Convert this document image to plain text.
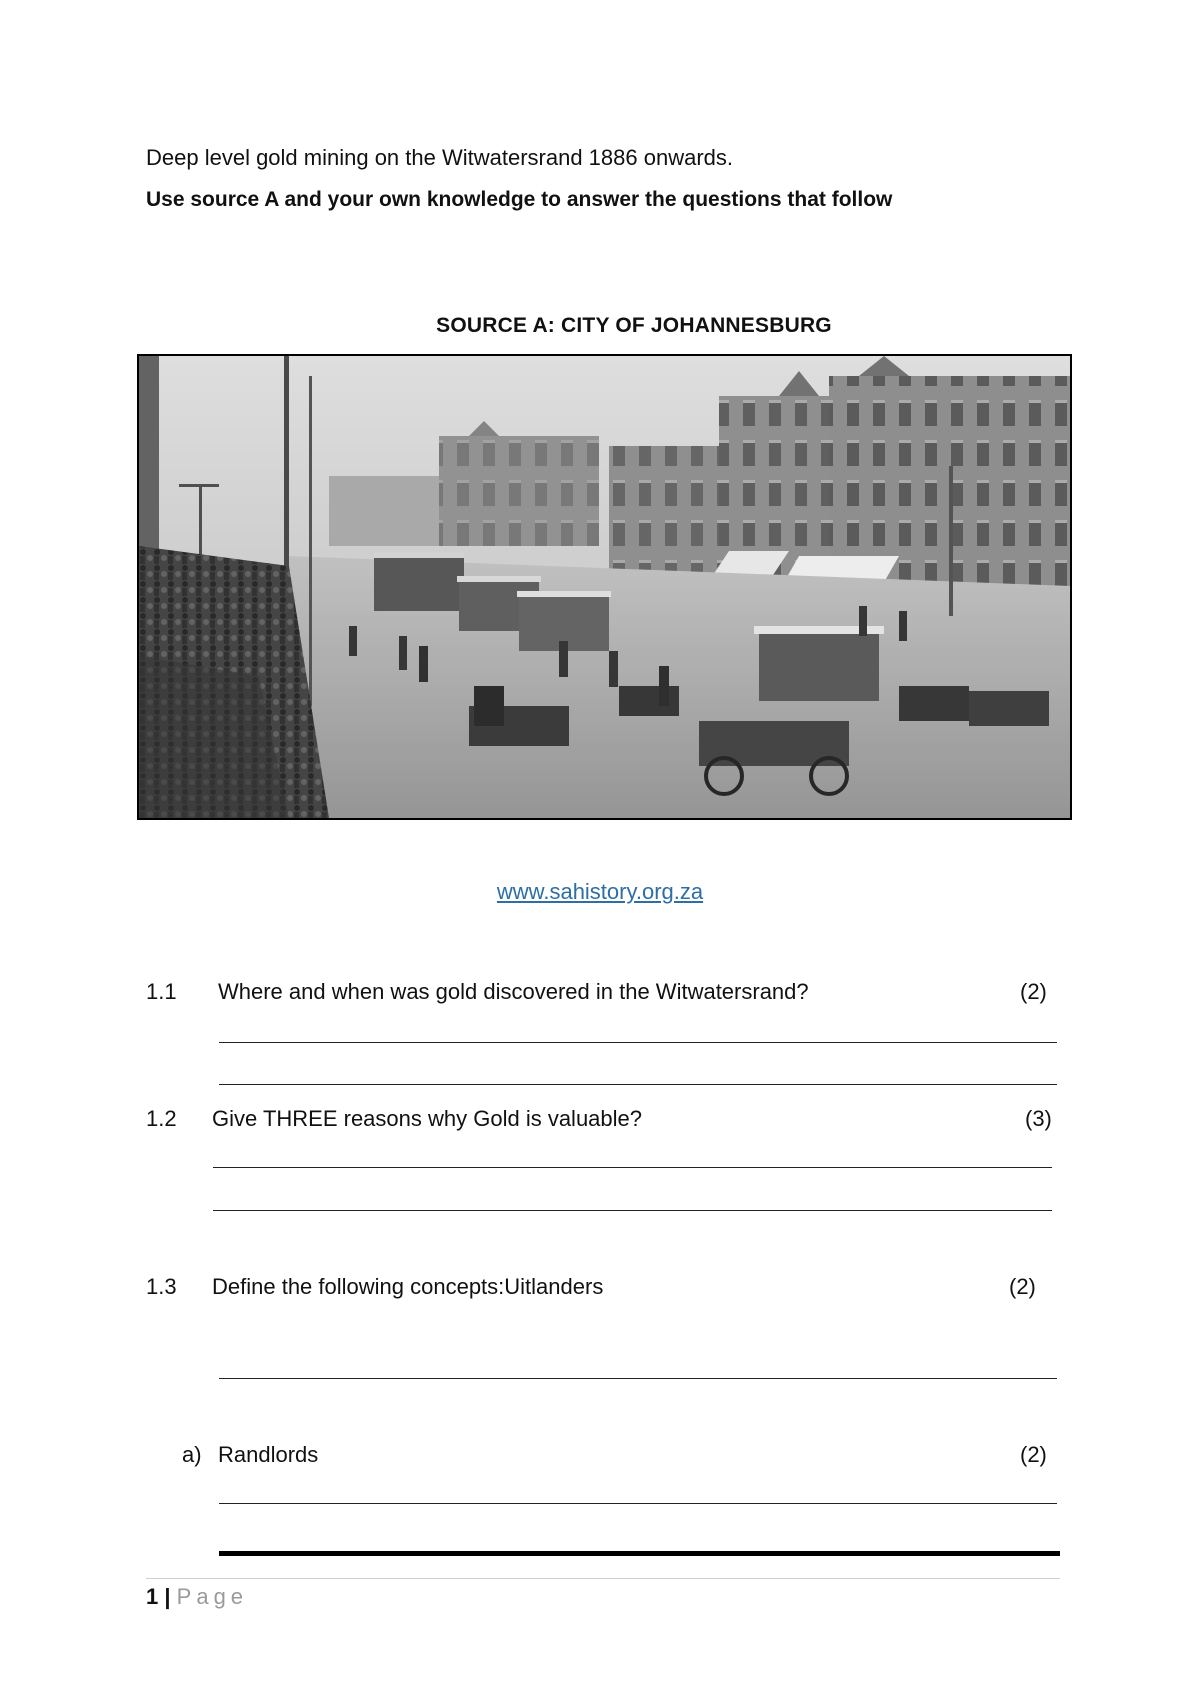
Deep level gold mining on the Witwatersrand 1886 onwards.
Use source A and your own knowledge to answer the questions that follow
SOURCE A: CITY OF JOHANNESBURG
www.sahistory.org.za
1.1 Where and when was gold discovered in the Witwatersrand?	(2)
1.2 Give THREE reasons why Gold is valuable?	(3)
1.3 Define the following concepts:Uitlanders	(2)
a) Randlords	(2)
1 | Page
